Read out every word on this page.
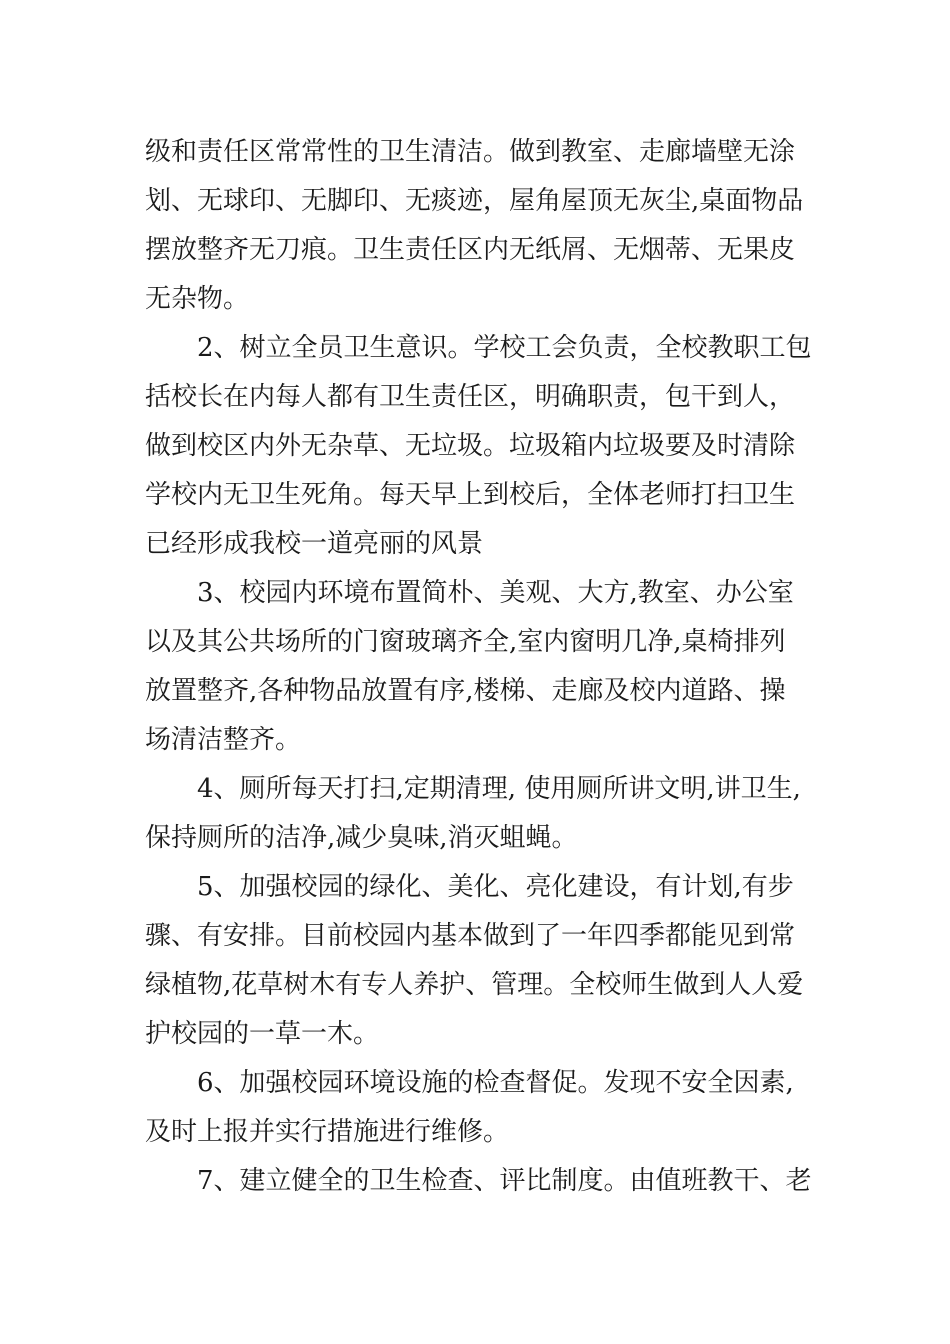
级和责任区常常性的卫生清洁。做到教室、走廊墙壁无涂
划、无球印、无脚印、无痰迹，屋角屋顶无灰尘,桌面物品
摆放整齐无刀痕。卫生责任区内无纸屑、无烟蒂、无果皮
无杂物。
2、树立全员卫生意识。学校工会负责，全校教职工包
括校长在内每人都有卫生责任区，明确职责，包干到人，
做到校区内外无杂草、无垃圾。垃圾箱内垃圾要及时清除
学校内无卫生死角。每天早上到校后，全体老师打扫卫生
已经形成我校一道亮丽的风景
3、校园内环境布置简朴、美观、大方,教室、办公室
以及其公共场所的门窗玻璃齐全,室内窗明几净,桌椅排列
放置整齐,各种物品放置有序,楼梯、走廊及校内道路、操
场清洁整齐。
4、厕所每天打扫,定期清理, 使用厕所讲文明,讲卫生,
保持厕所的洁净,减少臭味,消灭蛆蝇。
5、加强校园的绿化、美化、亮化建设，有计划,有步
骤、有安排。目前校园内基本做到了一年四季都能见到常
绿植物,花草树木有专人养护、管理。全校师生做到人人爱
护校园的一草一木。
6、加强校园环境设施的检查督促。发现不安全因素,
及时上报并实行措施进行维修。
7、建立健全的卫生检查、评比制度。由值班教干、老
